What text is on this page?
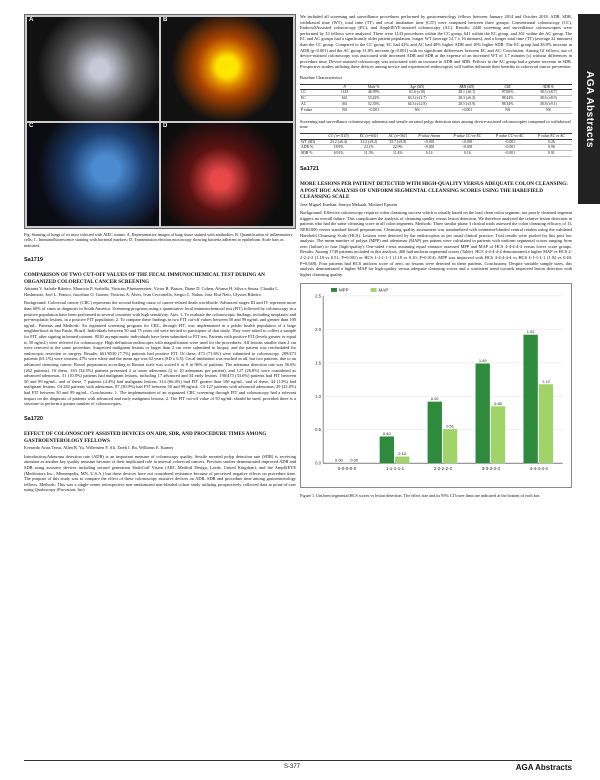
AGA Abstracts
A	B
C	D

Fig. Staining of lungs of wt mice infected with AIEC strains. A. Representative images of lung tissue stained with antibodies; B. Quantification of inflammatory cells; C. Immunofluorescence staining with bacterial markers; D. Transmission electron microscopy showing bacteria adherent to epithelium. Scale bars as indicated.

Sa1719
COMPARISON OF TWO CUT-OFF VALUES OF THE FECAL IMMUNOCHEMICAL TEST DURING AN ORGANIZED COLORECTAL CANCER SCREENING
Adriana V. Safatle-Ribeiro, Mauricio P. Sorbello, Vinicius Pfuetzenreiter, Victor R. Bastos, Diane D. Cohen, Afonso H. Silva e Souza, Claudia L. Hashimoto, Joel L. Franco, Juscelino O. Gomes, Vinicius A. Alves, Ivan Cecconello, Sergio C. Nahas, Jose Eluf Neto, Ulysses Ribeiro

Background: Colorectal cancer (CRC) represents the second leading cause of cancer-related death worldwide. Advanced stages III and IV represent more than 60% of cases at diagnosis in South America. Screening programs using a quantitative fecal immunochemical test (FIT) followed by colonoscopy in a positive population have been performed in several countries with high sensitivity. Aim: 1. To evaluate the colonoscopic findings, including neoplastic and pre-neoplastic lesions, in a positive FIT population; 2. To compare these findings in two FIT cut-off values between 50 and 99 ng/mL and greater than 100 ng/mL. Patients and Methods: An organized screening program for CRC, through FIT, was implemented in a public health population of a large neighborhood in Sao Paulo, Brazil. Individuals between 50 and 75 years old were invited to participate of that study. They were asked to collect a sample for FIT, after signing informed consent. 8530 asymptomatic individuals have been submitted to FIT test. Patients with positive FIT (levels greater or equal to 50 ng/mL) were referred for colonoscopy. High definition endoscopes with magnification were used for the procedures. All lesions smaller than 2 cm were resected at the same procedure. Suspected malignant lesions or larger than 2 cm were submitted to biopsy, and the patient was rescheduled for endoscopic resection or surgery. Results: 661/8530 (7.7%) patients had positive FIT. Of these, 473 (71.6%) were submitted to colonoscopy. 289/473 patients (61.1%) were women; 47% were white and the mean age was 62 years (SD ± 6.5). Cecal intubation was reached in all, but two patients, due to an advanced stenosing cancer. Bowel preparation according to Boston scale was scored 6 or 9 in 96% of patients. The adenoma detection rate was 56.6% (262 patients). Of these, 163 (34.5%) patients presented 2 or more adenomas (2 to 10 adenomas per patient), and 127 (26.8%) were considered as advanced adenomas. 51 (10.8%) patients had malignant lesions, including 17 advanced and 34 early lesions. 190/473 (33.6%) patients had FIT between 50 and 99 ng/mL, and of these, 7 patients (4.4%) had malignant lesions. 314 (66.4%) had FIT greater than 100 ng/mL, and of these, 44 (14%) had malignant lesions. Of 282 patients with adenomas, 87 (30.9%) had FIT between 50 and 99 ng/mL. Of 127 patients with advanced adenomas, 29 (22.8%) had FIT between 50 and 99 ng/mL. Conclusions: 1. The implementation of an organized CRC screening through FIT and colonoscopy had a relevant impact on the diagnosis of patients with advanced and early malignant lesions; 2. The FIT cut-off value of 50 ng/mL should be used, provided there is a structure to perform a greater number of colonoscopies.

Sa1720
EFFECT OF COLONOSCOPY ASSISTED DEVICES ON ADR, SDR, AND PROCEDURE TIMES AMONG GASTROENTEROLOGY FELLOWS
Everardo Arias Tersu, Allen R. Yu, Willemien F. Ali, Tarek I. Ra, Williams E. Karnes

Introduction:Adenoma detection rate (ADR) is an important measure of colonoscopy quality. Sessile serrated polyp detection rate (SDR) is receiving attention as another key quality measure because of their implicated role in interval colorectal cancers. Previous studies demonstrated improved ADR and SDR using assistive devices including second generation EndoCuff Vision (ARC Medical Design, Leeds, United Kingdom), and the AmplifEYE (Medivators Inc., Minneapolis, MN, U.S.A.) but these devices have not considered resistance because of perceived negative effects on procedure time. The purpose of this study was to compare the effect of these colonoscopy assistive devices on ADR, SDR and procedure time among gastroenterology fellows. Methods: This was a single-center retrospective non-randomized non-blinded cohort study utilizing prospectively collected data at point-of-care using Qualoscopy (Provation, Inc).

We included all screening and surveillance procedures performed by gastroenterology fellows between January 2014 and October 2018. ADR, SDR, withdrawal time (WT), total time (TT) and cecal intubation time (CIT) were compared between three groups: Conventional colonoscopy (CC), EndocuffAssisted colonoscopy (EC), and AmplifEYE-assisted colonoscopy (AC). Results: 2440 screening and surveillance colonoscopies were performed by 33 fellows were analyzed. There were 1143 procedures within the CC group, 641 within the EC group, and 361 within the AC group. The EC and AC groups had a significantly older patient population, longer WT (average 12.7 ± 16 minutes), and a longer total time (TT) (average 22 minutes) than the CC group. Compared to the CC group, EC had 42% and AC had 48% higher ADR and 10% higher SDR. The EC group had 28.8% increase in ADR (p<0.001) and the AC group 31.8% increase (p<0.001) with no significant differences between EC and AC. Conclusion: Among GI fellows, use of device-assisted colonoscopy was associated with increased ADR and SDR at the expense of an increased WT of 1.7 minutes (c) without differences in procedure time. Device-assisted colonoscopy was associated with an increase in ADR and SDR. Fellows in the AC group had a greater increase in SDR. Prospective studies utilizing these devices among novice and experienced endoscopists will further delineate their benefits in colorectal cancer prevention.

Baseline Characteristics
	N	Male %	Age (SD)	BMI (SD)	CIR	ADR %
CC	1143	46.59%	61.6 (±10)	28.1 (±6.1)	97.66%	38.5 (±8.7)
EC	641	53.42%	63.3 (±12.7)	28.3 (±6.3)	98.44%	38.6 (±8.9)
AC	361	52.35%	64.3 (±12.9)	28.5 (±5.9)	98.34%	38.8 (±9.1)
P value	NS	<0.001	NS	<0.001	NS	NS
Screening and surveillance colonoscopy adenoma and sessile serrated polyp detection rates among device-assisted colonoscopies compared to withdrawal time
	CC (n=1143)	EC (n=641)	AC (n=361)	P value Anova	P value CC-vs-EC	P value CC-vs-AC	P value EC vs AC
WT (SD)	23.2 (±6.4)	31.2 (±9.2)	33.7 (±9.8)	<0.001	<0.001	<0.001	0.26
ADR %	18.9%	23.1%	22.9%	<0.001	<0.001	<0.001	0.96
SDR %	6.91%	11.3%	11.4%	0.14	0.16	<0.001	0.91
Sa1721
MORE LESIONS PER PATIENT DETECTED WITH HIGH-QUALITY VERSUS ADEQUATE COLON CLEANSING: A POST HOC ANALYSIS OF UNIFORM SEGMENTAL CLEANSING SCORES USING THE HAREFIELD CLEANSING SCALE
Jose Miguel Esteban, Soniya Mekaali, Michael Epstein

Background: Effective colonoscopy requires colon cleansing success which is usually based on the lead clean colon segment, not poorly cleansed segment triggers an overall failure. This complicates the analysis of cleansing quality versus lesion detection. We therefore analyzed the relative lesion detection in patients who had the same cleansing score in all colon segments. Methods: Three similar phase 3 clinical trials assessed the colon cleansing efficacy of 1L NER1006 versus standard bowel preparations. Cleansing quality assessment was standardized with treatment-blinded central readers using the validated Harefield Cleansing Scale (HCS). Lesions were detected by the endoscopists as per usual clinical practice. Trial results were pooled for this post hoc analysis. The mean number of polyps (MPP) and adenomas (MAP) per patient were calculated in patients with uniform segmental scores ranging from zero (failure) to four (high-quality). One-sided t-tests assuming equal variance assessed MPP and MAP of HCS 4-4-4-4-4 versus lower score groups. Results: Among 1749 patients included in this analysis, 468 had uniform segmental scores (Table). HCS 4-4-4-4-4 demonstrated a higher MAP vs HCS 2-2-2-2-2 (1.18 vs 0.51; P=0.001) or HCS 1-1-1-1-1 (1.18 vs 0.10; P=0.014). MPP was improved with HCS 4-4-4-4-4 vs HCS 1-1-1-1-1 (1.92 vs 0.40; P=0.048). Four patients had HCS uniform score of zero, no lesions were detected in these patients. Conclusions: Despite variable sample sizes, this analysis demonstrated a higher MAP for high-quality versus adequate cleansing scores and a consistent trend towards improved lesion detection with higher cleansing quality.

0.0
0.5
1.0
1.5
2.0
2.5
0.00 0.00
0-0-0-0-0
0.40
0.10
1-1-1-1-1
0.92
0.51
2-2-2-2-2
1.49
0.85
3-3-3-3-3
1.92
1.18
4-4-4-4-4
MPP	MAP

Figure 1. Uniform segmental HCS scores vs lesion detection. The effect size and its 95% CI lower limit are indicated at the bottom of each bar.

S-377	AGA Abstracts
